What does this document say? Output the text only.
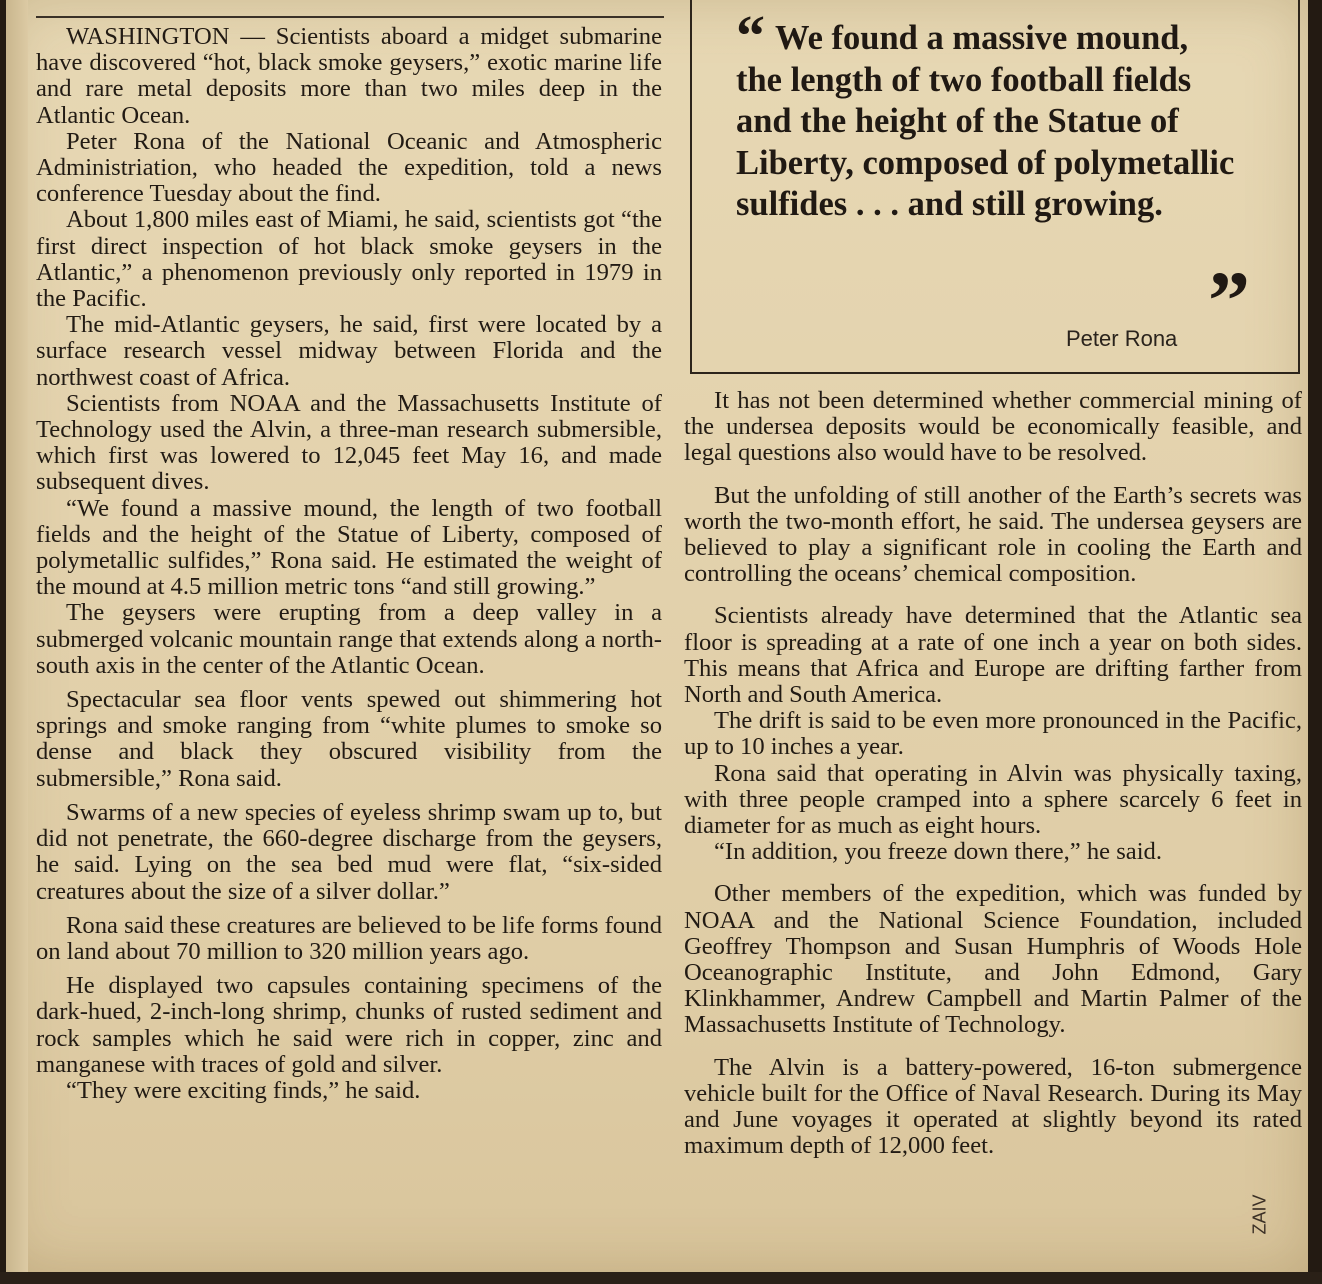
WASHINGTON — Scientists aboard a midget submarine have discovered “hot, black smoke geysers,” exotic marine life and rare metal deposits more than two miles deep in the Atlantic Ocean.

Peter Rona of the National Oceanic and Atmospheric Administriation, who headed the expedition, told a news conference Tuesday about the find.

About 1,800 miles east of Miami, he said, scientists got “the first direct inspection of hot black smoke geysers in the Atlantic,” a phenomenon previously only reported in 1979 in the Pacific.

The mid-Atlantic geysers, he said, first were located by a surface research vessel midway between Florida and the northwest coast of Africa.

Scientists from NOAA and the Massachusetts Institute of Technology used the Alvin, a three-man research submersible, which first was lowered to 12,045 feet May 16, and made subsequent dives.

“We found a massive mound, the length of two football fields and the height of the Statue of Liberty, composed of polymetallic sulfides,” Rona said. He estimated the weight of the mound at 4.5 million metric tons “and still growing.”

The geysers were erupting from a deep valley in a submerged volcanic mountain range that extends along a north-south axis in the center of the Atlantic Ocean.

Spectacular sea floor vents spewed out shimmering hot springs and smoke ranging from “white plumes to smoke so dense and black they obscured visibility from the submersible,” Rona said.

Swarms of a new species of eyeless shrimp swam up to, but did not penetrate, the 660-degree discharge from the geysers, he said. Lying on the sea bed mud were flat, “six-sided creatures about the size of a silver dollar.”

Rona said these creatures are believed to be life forms found on land about 70 million to 320 million years ago.

He displayed two capsules containing specimens of the dark-hued, 2-inch-long shrimp, chunks of rusted sediment and rock samples which he said were rich in copper, zinc and manganese with traces of gold and silver.

“They were exciting finds,” he said.

“ We found a massive mound, the length of two football fields and the height of the Statue of Liberty, composed of polymetallic sulfides . . . and still growing.
”
Peter Rona

It has not been determined whether commercial mining of the undersea deposits would be economically feasible, and legal questions also would have to be resolved.

But the unfolding of still another of the Earth’s secrets was worth the two-month effort, he said. The undersea geysers are believed to play a significant role in cooling the Earth and controlling the oceans’ chemical composition.

Scientists already have determined that the Atlantic sea floor is spreading at a rate of one inch a year on both sides. This means that Africa and Europe are drifting farther from North and South America.

The drift is said to be even more pronounced in the Pacific, up to 10 inches a year.

Rona said that operating in Alvin was physically taxing, with three people cramped into a sphere scarcely 6 feet in diameter for as much as eight hours.

“In addition, you freeze down there,” he said.

Other members of the expedition, which was funded by NOAA and the National Science Foundation, included Geoffrey Thompson and Susan Humphris of Woods Hole Oceanographic Institute, and John Edmond, Gary Klinkhammer, Andrew Campbell and Martin Palmer of the Massachusetts Institute of Technology.

The Alvin is a battery-powered, 16-ton submergence vehicle built for the Office of Naval Research. During its May and June voyages it operated at slightly beyond its rated maximum depth of 12,000 feet.

ZAIV
